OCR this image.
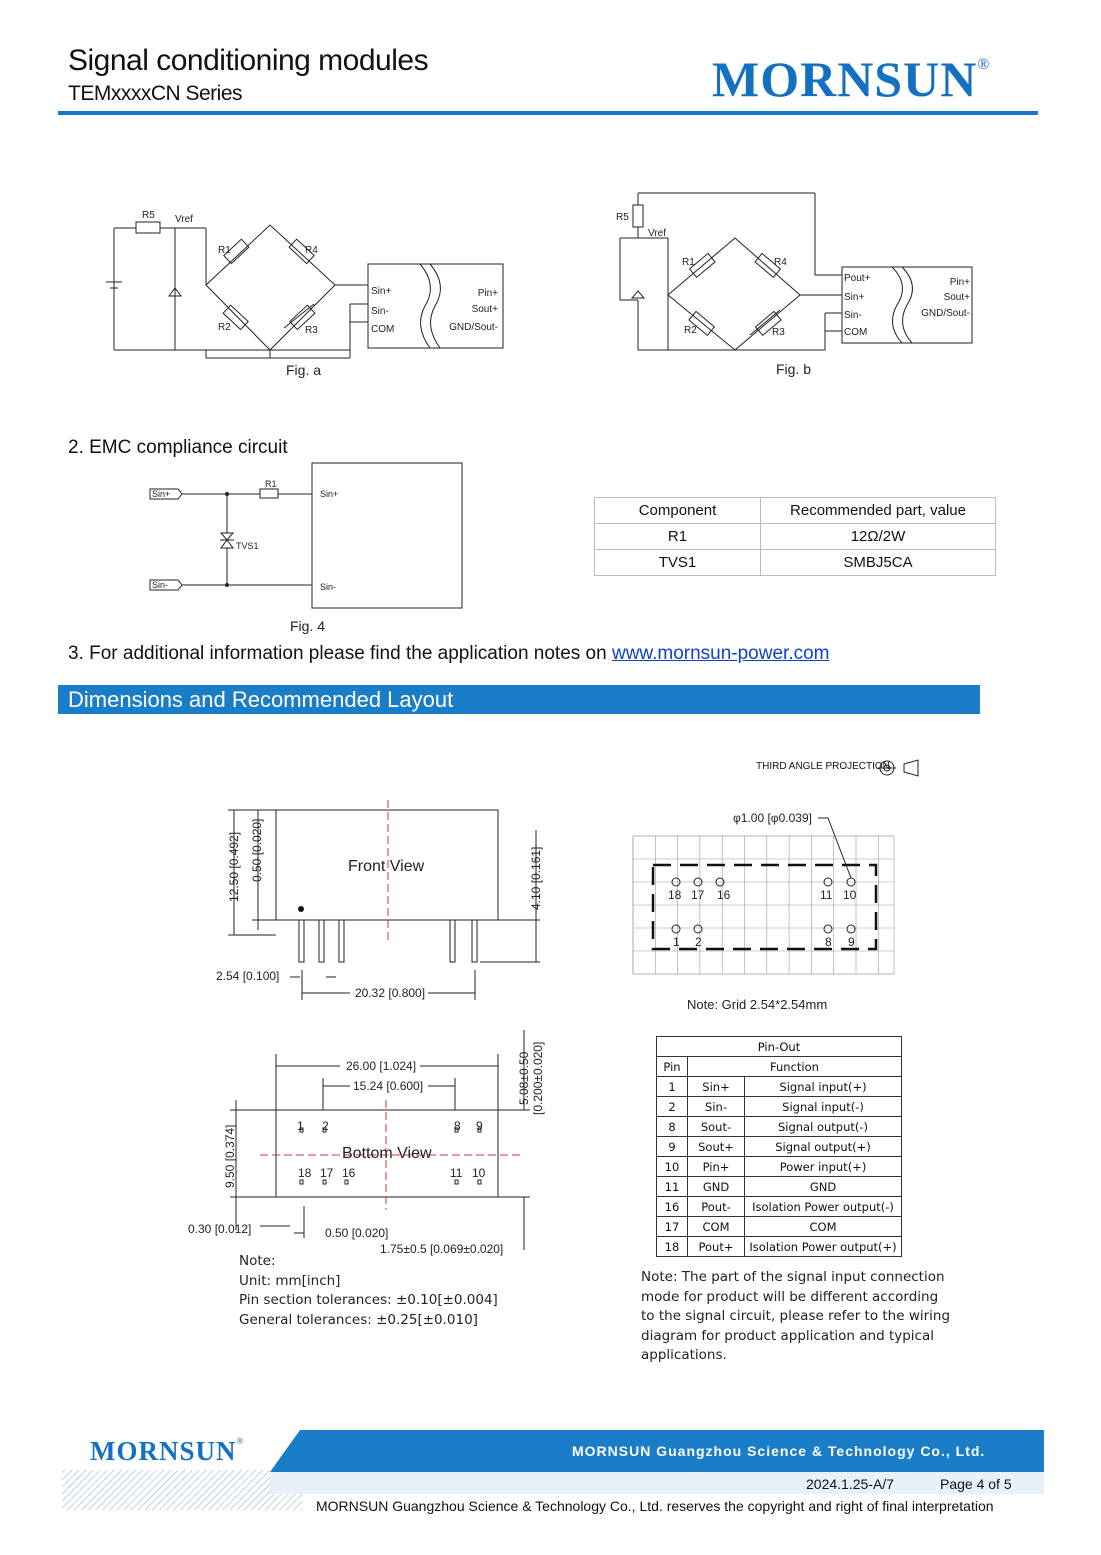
Signal conditioning modules
TEMxxxxCN Series	MORNSUN®
R5 Vref
R1	R4
R2	R3
Sin+
Sin-
COM
Pin+
Sout+
GND/Sout-
Fig. a
R5
Vref
R1	R4
R2	R3
Pout+
Sin+
Sin-
COM
Pin+
Sout+
GND/Sout-
Fig. b
2. EMC compliance circuit
Sin+
Sin-
R1
TVS1
Sin+
Sin-
Fig. 4
Component	Recommended part, value
R1	12Ω/2W
TVS1	SMBJ5CA
3. For additional information please find the application notes on www.mornsun-power.com
Dimensions and Recommended Layout
THIRD ANGLE PROJECTION
Front View
12.50 [0.492] 0.50 [0.020]	4.10 [0.161]
2.54 [0.100]
20.32 [0.800]
φ1.00 [φ0.039]
18 17 16	11 10
1 2	8 9
Note: Grid 2.54*2.54mm
26.00 [1.024]
15.24 [0.600]
9.50 [0.374]
5.08±0.50 [0.200±0.020]
Bottom View
1 2	8 9
18 17 16	11 10
0.30 [0.012]	0.50 [0.020]
1.75±0.5 [0.069±0.020]
Note:
Unit: mm[inch]
Pin section tolerances: ±0.10[±0.004]
General tolerances: ±0.25[±0.010]
Pin-Out		
Pin	Function	
1	Sin+	Signal input(+)
2	Sin-	Signal input(-)
8	Sout-	Signal output(-)
9	Sout+	Signal output(+)
10	Pin+	Power input(+)
11	GND	GND
16	Pout-	Isolation Power output(-)
17	COM	COM
18	Pout+	Isolation Power output(+)
Note: The part of the signal input connection
mode for product will be different according
to the signal circuit, please refer to the wiring
diagram for product application and typical
applications.
MORNSUN®
MORNSUN Guangzhou Science & Technology Co., Ltd.
2024.1.25-A/7	Page 4 of 5
MORNSUN Guangzhou Science & Technology Co., Ltd. reserves the copyright and right of final interpretation
